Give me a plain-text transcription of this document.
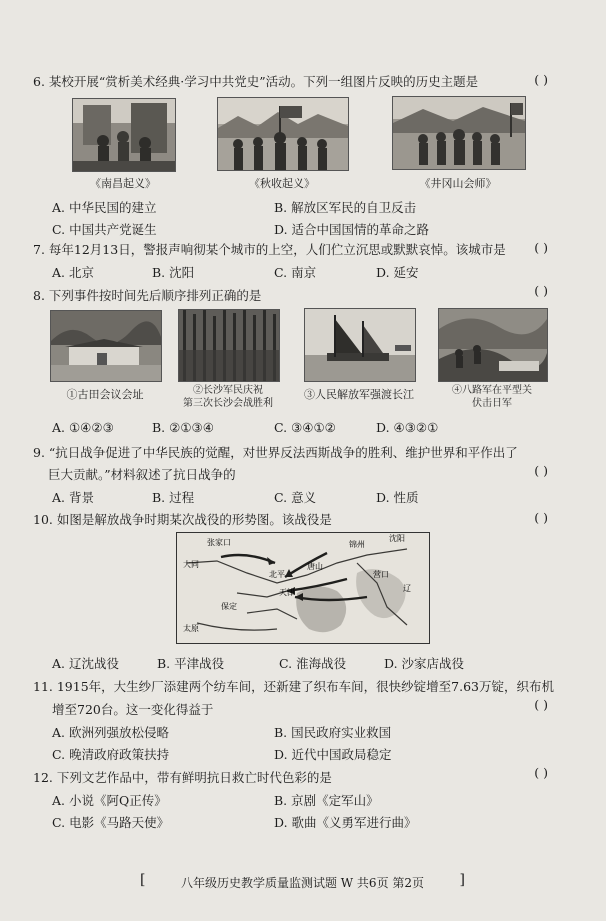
6. 某校开展“赏析美术经典·学习中共党史”活动。下列一组图片反映的历史主题是	( )
《南昌起义》	《秋收起义》	《井冈山会师》
A. 中华民国的建立	B. 解放区军民的自卫反击
C. 中国共产党诞生	D. 适合中国国情的革命之路
7. 每年12月13日，警报声响彻某个城市的上空，人们伫立沉思或默默哀悼。该城市是 ( )
A. 北京	B. 沈阳	C. 南京	D. 延安
( )
8. 下列事件按时间先后顺序排列正确的是
①古田会议会址	②长沙军民庆祝
第三次长沙会战胜利
③人民解放军强渡长江	④八路军在平型关
伏击日军
A. ①④②③	B. ②①③④	C. ③④①②	D. ④③②①
9. “抗日战争促进了中华民族的觉醒，对世界反法西斯战争的胜利、维护世界和平作出了
巨大贡献。”材料叙述了抗日战争的	( )
A. 背景	B. 过程	C. 意义	D. 性质
10. 如图是解放战争时期某次战役的形势图。该战役是	( )
张家口
大同
保定
北平
天津
唐山
锦州
沈阳
营口
太原
辽
A. 辽沈战役	B. 平津战役	C. 淮海战役	D. 沙家店战役
11. 1915年，大生纱厂添建两个纺车间，还新建了织布车间，很快纱锭增至7.63万锭，织布机
增至720台。这一变化得益于	( )
A. 欧洲列强放松侵略	B. 国民政府实业救国
C. 晚清政府政策扶持	D. 近代中国政局稳定
12. 下列文艺作品中，带有鲜明抗日救亡时代色彩的是	( )
A. 小说《阿Q正传》	B. 京剧《定军山》
C. 电影《马路天使》	D. 歌曲《义勇军进行曲》
[	八年级历史教学质量监测试题 W 共6页 第2页	]
